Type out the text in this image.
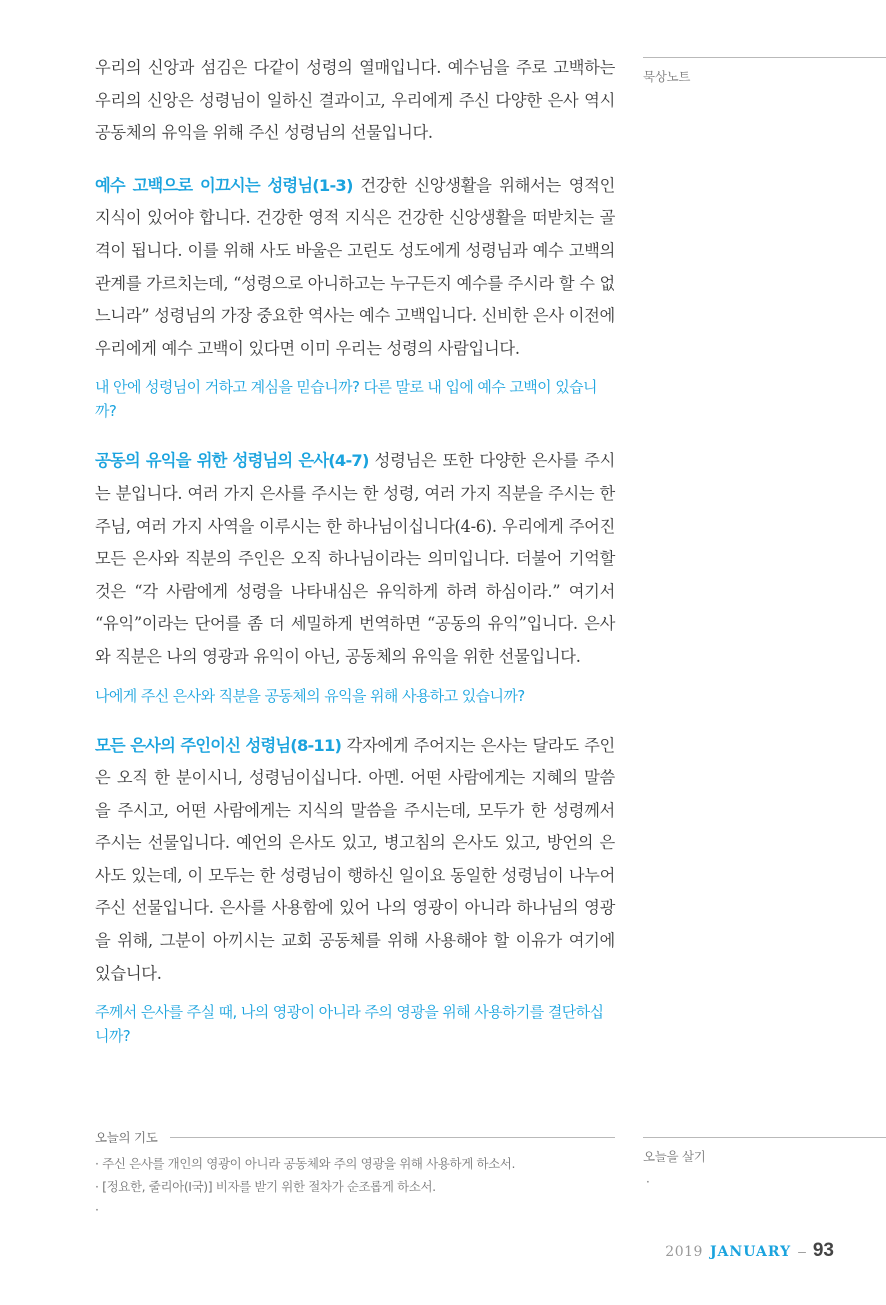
우리의 신앙과 섬김은 다같이 성령의 열매입니다. 예수님을 주로 고백하는 우리의 신앙은 성령님이 일하신 결과이고, 우리에게 주신 다양한 은사 역시 공동체의 유익을 위해 주신 성령님의 선물입니다.

예수 고백으로 이끄시는 성령님(1-3) 건강한 신앙생활을 위해서는 영적인 지식이 있어야 합니다. 건강한 영적 지식은 건강한 신앙생활을 떠받치는 골격이 됩니다. 이를 위해 사도 바울은 고린도 성도에게 성령님과 예수 고백의 관계를 가르치는데, “성령으로 아니하고는 누구든지 예수를 주시라 할 수 없느니라” 성령님의 가장 중요한 역사는 예수 고백입니다. 신비한 은사 이전에 우리에게 예수 고백이 있다면 이미 우리는 성령의 사람입니다.

내 안에 성령님이 거하고 계심을 믿습니까? 다른 말로 내 입에 예수 고백이 있습니까?

공동의 유익을 위한 성령님의 은사(4-7) 성령님은 또한 다양한 은사를 주시는 분입니다. 여러 가지 은사를 주시는 한 성령, 여러 가지 직분을 주시는 한 주님, 여러 가지 사역을 이루시는 한 하나님이십니다(4-6). 우리에게 주어진 모든 은사와 직분의 주인은 오직 하나님이라는 의미입니다. 더불어 기억할 것은 “각 사람에게 성령을 나타내심은 유익하게 하려 하심이라.” 여기서 “유익”이라는 단어를 좀 더 세밀하게 번역하면 “공동의 유익”입니다. 은사와 직분은 나의 영광과 유익이 아닌, 공동체의 유익을 위한 선물입니다.

나에게 주신 은사와 직분을 공동체의 유익을 위해 사용하고 있습니까?

모든 은사의 주인이신 성령님(8-11) 각자에게 주어지는 은사는 달라도 주인은 오직 한 분이시니, 성령님이십니다. 아멘. 어떤 사람에게는 지혜의 말씀을 주시고, 어떤 사람에게는 지식의 말씀을 주시는데, 모두가 한 성령께서 주시는 선물입니다. 예언의 은사도 있고, 병고침의 은사도 있고, 방언의 은사도 있는데, 이 모두는 한 성령님이 행하신 일이요 동일한 성령님이 나누어주신 선물입니다. 은사를 사용함에 있어 나의 영광이 아니라 하나님의 영광을 위해, 그분이 아끼시는 교회 공동체를 위해 사용해야 할 이유가 여기에 있습니다.

주께서 은사를 주실 때, 나의 영광이 아니라 주의 영광을 위해 사용하기를 결단하십니까?
묵상노트
오늘을 살기
·
오늘의 기도
· 주신 은사를 개인의 영광이 아니라 공동체와 주의 영광을 위해 사용하게 하소서.
· [정요한, 줄리아(I국)] 비자를 받기 위한 절차가 순조롭게 하소서.
·
2019 JANUARY – 93
